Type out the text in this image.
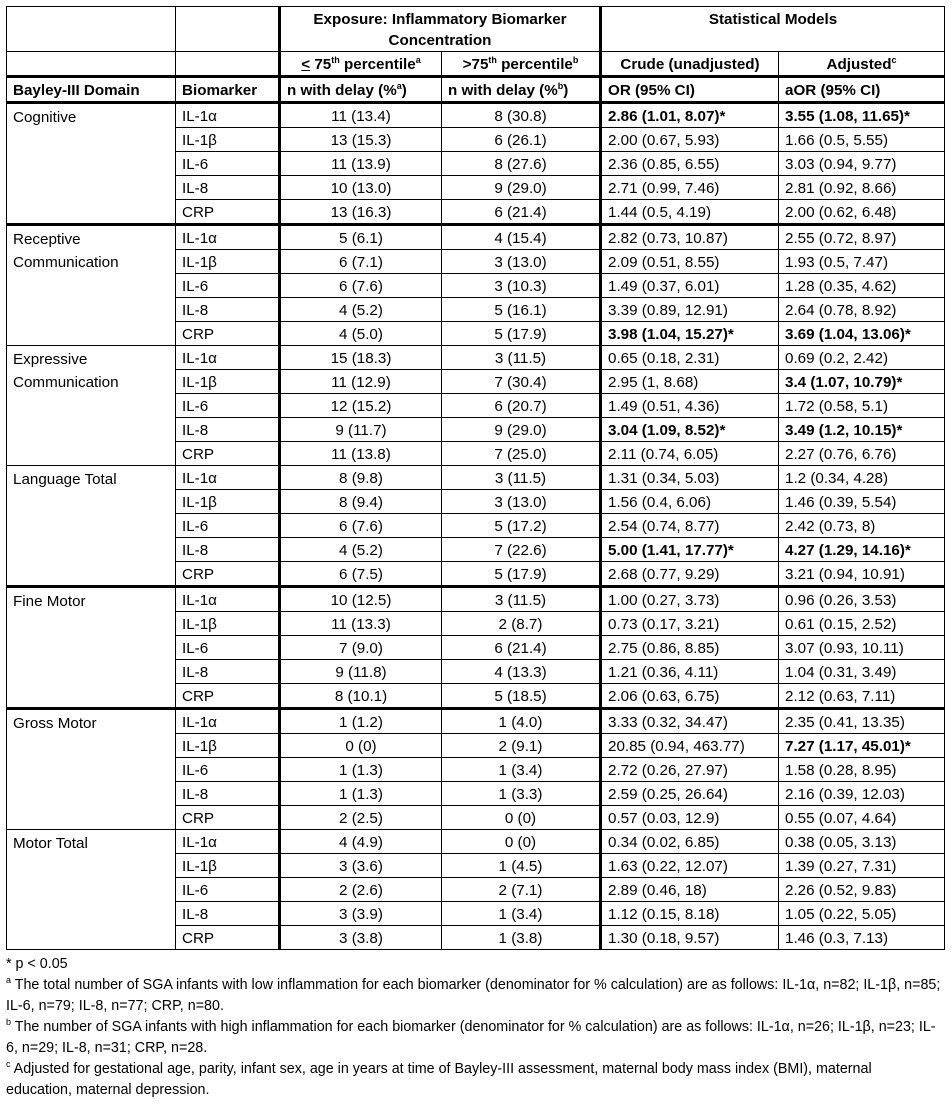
		Exposure: Inflammatory Biomarker Concentration		Statistical Models	
		< 75th percentile$^a$	>75th percentile$^b$	Crude (unadjusted)	Adjusted$^c$
Bayley-III Domain	Biomarker	n with delay (%$^a$)	n with delay (%$^b$)	OR (95% CI)	aOR (95% CI)

Cognitive	IL-1α	11 (13.4)	8 (30.8)	2.86 (1.01, 8.07)*	3.55 (1.08, 11.65)*
	IL-1β	13 (15.3)	6 (26.1)	2.00 (0.67, 5.93)	1.66 (0.5, 5.55)
	IL-6	11 (13.9)	8 (27.6)	2.36 (0.85, 6.55)	3.03 (0.94, 9.77)
	IL-8	10 (13.0)	9 (29.0)	2.71 (0.99, 7.46)	2.81 (0.92, 8.66)
	CRP	13 (16.3)	6 (21.4)	1.44 (0.5, 4.19)	2.00 (0.62, 6.48)

Receptive
Communication	IL-1α	5 (6.1)	4 (15.4)	2.82 (0.73, 10.87)	2.55 (0.72, 8.97)
	IL-1β	6 (7.1)	3 (13.0)	2.09 (0.51, 8.55)	1.93 (0.5, 7.47)
	IL-6	6 (7.6)	3 (10.3)	1.49 (0.37, 6.01)	1.28 (0.35, 4.62)
	IL-8	4 (5.2)	5 (16.1)	3.39 (0.89, 12.91)	2.64 (0.78, 8.92)
	CRP	4 (5.0)	5 (17.9)	3.98 (1.04, 15.27)*	3.69 (1.04, 13.06)*

Expressive
Communication	IL-1α	15 (18.3)	3 (11.5)	0.65 (0.18, 2.31)	0.69 (0.2, 2.42)
	IL-1β	11 (12.9)	7 (30.4)	2.95 (1, 8.68)	3.4 (1.07, 10.79)*
	IL-6	12 (15.2)	6 (20.7)	1.49 (0.51, 4.36)	1.72 (0.58, 5.1)
	IL-8	9 (11.7)	9 (29.0)	3.04 (1.09, 8.52)*	3.49 (1.2, 10.15)*
	CRP	11 (13.8)	7 (25.0)	2.11 (0.74, 6.05)	2.27 (0.76, 6.76)

Language Total	IL-1α	8 (9.8)	3 (11.5)	1.31 (0.34, 5.03)	1.2 (0.34, 4.28)
	IL-1β	8 (9.4)	3 (13.0)	1.56 (0.4, 6.06)	1.46 (0.39, 5.54)
	IL-6	6 (7.6)	5 (17.2)	2.54 (0.74, 8.77)	2.42 (0.73, 8)
	IL-8	4 (5.2)	7 (22.6)	5.00 (1.41, 17.77)*	4.27 (1.29, 14.16)*
	CRP	6 (7.5)	5 (17.9)	2.68 (0.77, 9.29)	3.21 (0.94, 10.91)

Fine Motor	IL-1α	10 (12.5)	3 (11.5)	1.00 (0.27, 3.73)	0.96 (0.26, 3.53)
	IL-1β	11 (13.3)	2 (8.7)	0.73 (0.17, 3.21)	0.61 (0.15, 2.52)
	IL-6	7 (9.0)	6 (21.4)	2.75 (0.86, 8.85)	3.07 (0.93, 10.11)
	IL-8	9 (11.8)	4 (13.3)	1.21 (0.36, 4.11)	1.04 (0.31, 3.49)
	CRP	8 (10.1)	5 (18.5)	2.06 (0.63, 6.75)	2.12 (0.63, 7.11)

Gross Motor	IL-1α	1 (1.2)	1 (4.0)	3.33 (0.32, 34.47)	2.35 (0.41, 13.35)
	IL-1β	0 (0)	2 (9.1)	20.85 (0.94, 463.77)	7.27 (1.17, 45.01)*
	IL-6	1 (1.3)	1 (3.4)	2.72 (0.26, 27.97)	1.58 (0.28, 8.95)
	IL-8	1 (1.3)	1 (3.3)	2.59 (0.25, 26.64)	2.16 (0.39, 12.03)
	CRP	2 (2.5)	0 (0)	0.57 (0.03, 12.9)	0.55 (0.07, 4.64)

Motor Total	IL-1α	4 (4.9)	0 (0)	0.34 (0.02, 6.85)	0.38 (0.05, 3.13)
	IL-1β	3 (3.6)	1 (4.5)	1.63 (0.22, 12.07)	1.39 (0.27, 7.31)
	IL-6	2 (2.6)	2 (7.1)	2.89 (0.46, 18)	2.26 (0.52, 9.83)
	IL-8	3 (3.9)	1 (3.4)	1.12 (0.15, 8.18)	1.05 (0.22, 5.05)
	CRP	3 (3.8)	1 (3.8)	1.30 (0.18, 9.57)	1.46 (0.3, 7.13)

* p < 0.05

$^a$ The total number of SGA infants with low inflammation for each biomarker (denominator for % calculation) are as follows: IL-1α, n=82; IL-1β, n=85; IL-6, n=79; IL-8, n=77; CRP, n=80.

$^b$ The number of SGA infants with high inflammation for each biomarker (denominator for % calculation) are as follows: IL-1α, n=26; IL-1β, n=23; IL-6, n=29; IL-8, n=31; CRP, n=28.

$^c$ Adjusted for gestational age, parity, infant sex, age in years at time of Bayley-III assessment, maternal body mass index (BMI), maternal education, maternal depression.
